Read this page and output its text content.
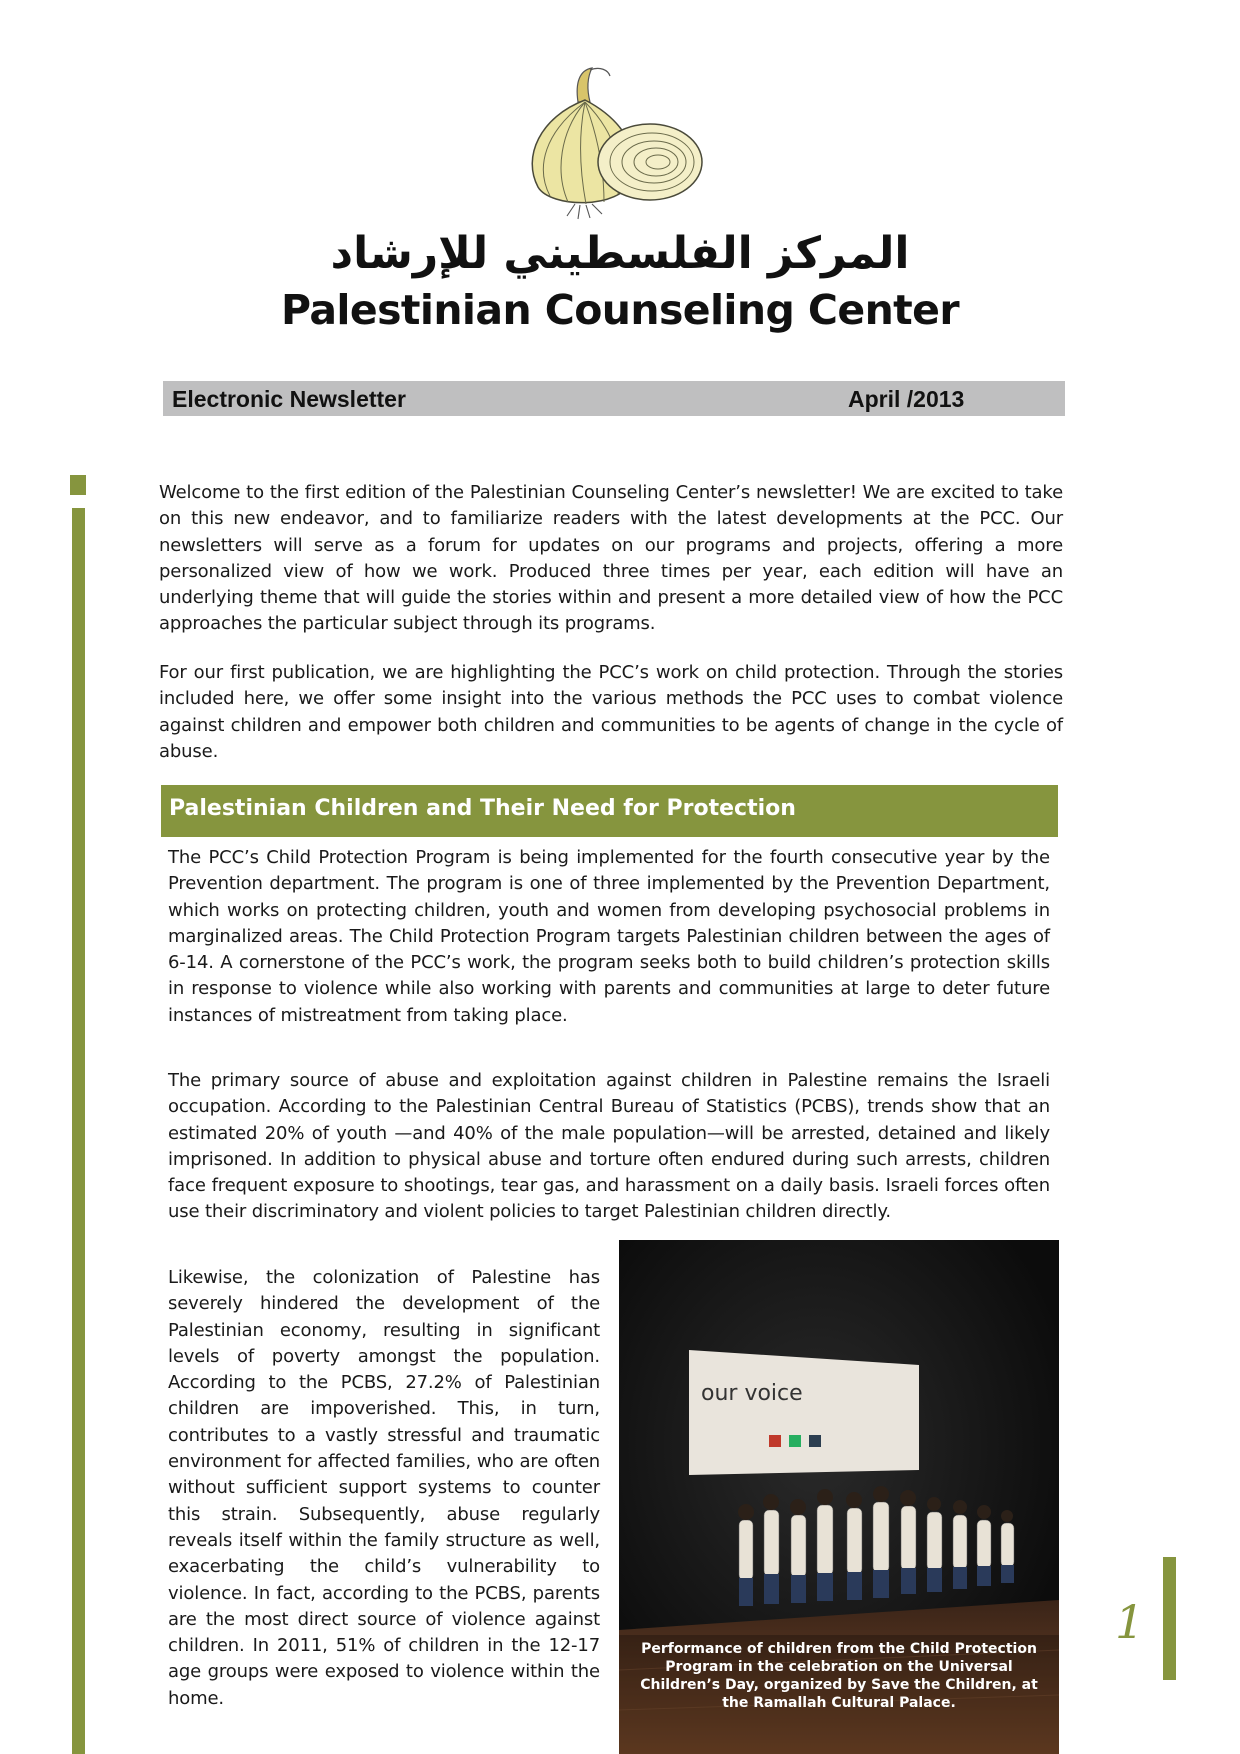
المركز الفلسطيني للإرشاد
Palestinian Counseling Center
Electronic Newsletter	April /2013
1
Welcome to the first edition of the Palestinian Counseling Center’s newsletter! We are excited to take on this new endeavor, and to familiarize readers with the latest developments at the PCC. Our newsletters will serve as a forum for updates on our programs and projects, offering a more personalized view of how we work. Produced three times per year, each edition will have an underlying theme that will guide the stories within and present a more detailed view of how the PCC approaches the particular subject through its programs.
For our first publication, we are highlighting the PCC’s work on child protection. Through the stories included here, we offer some insight into the various methods the PCC uses to combat violence against children and empower both children and communities to be agents of change in the cycle of abuse.
Palestinian Children and Their Need for Protection
The PCC’s Child Protection Program is being implemented for the fourth consecutive year by the Prevention department. The program is one of three implemented by the Prevention Department, which works on protecting children, youth and women from developing psychosocial problems in marginalized areas. The Child Protection Program targets Palestinian children between the ages of 6-14. A cornerstone of the PCC’s work, the program seeks both to build children’s protection skills in response to violence while also working with parents and communities at large to deter future instances of mistreatment from taking place.
The primary source of abuse and exploitation against children in Palestine remains the Israeli occupation. According to the Palestinian Central Bureau of Statistics (PCBS), trends show that an estimated 20% of youth —and 40% of the male population—will be arrested, detained and likely imprisoned. In addition to physical abuse and torture often endured during such arrests, children face frequent exposure to shootings, tear gas, and harassment on a daily basis. Israeli forces often use their discriminatory and violent policies to target Palestinian children directly.
Likewise, the colonization of Palestine has severely hindered the development of the Palestinian economy, resulting in significant levels of poverty amongst the population. According to the PCBS, 27.2% of Palestinian children are impoverished. This, in turn, contributes to a vastly stressful and traumatic environment for affected families, who are often without sufficient support systems to counter this strain. Subsequently, abuse regularly reveals itself within the family structure as well, exacerbating the child’s vulnerability to violence. In fact, according to the PCBS, parents are the most direct source of violence against children. In 2011, 51% of children in the 12-17 age groups were exposed to violence within the home.
our voice
Performance of children from the Child Protection Program in the celebration on the Universal Children’s Day, organized by Save the Children, at the Ramallah Cultural Palace.
